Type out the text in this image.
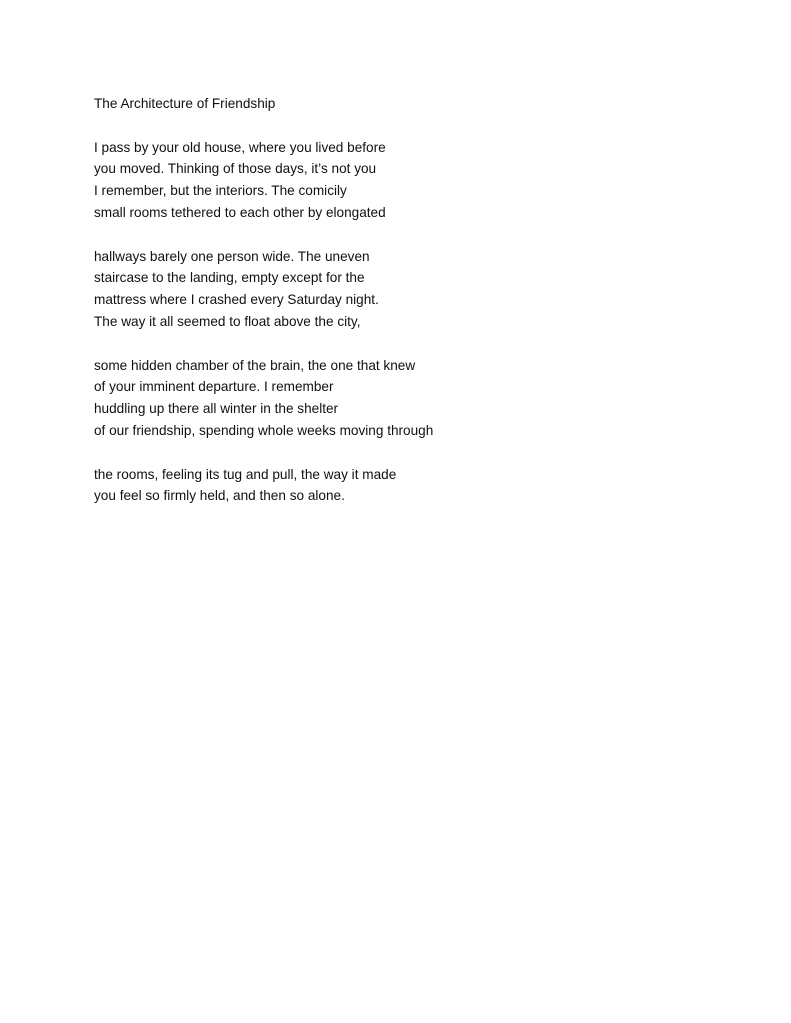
The Architecture of Friendship
I pass by your old house, where you lived before
you moved. Thinking of those days, it’s not you
I remember, but the interiors. The comicily
small rooms tethered to each other by elongated
hallways barely one person wide. The uneven
staircase to the landing, empty except for the
mattress where I crashed every Saturday night.
The way it all seemed to float above the city,
some hidden chamber of the brain, the one that knew
of your imminent departure. I remember
huddling up there all winter in the shelter
of our friendship, spending whole weeks moving through
the rooms, feeling its tug and pull, the way it made
you feel so firmly held, and then so alone.
